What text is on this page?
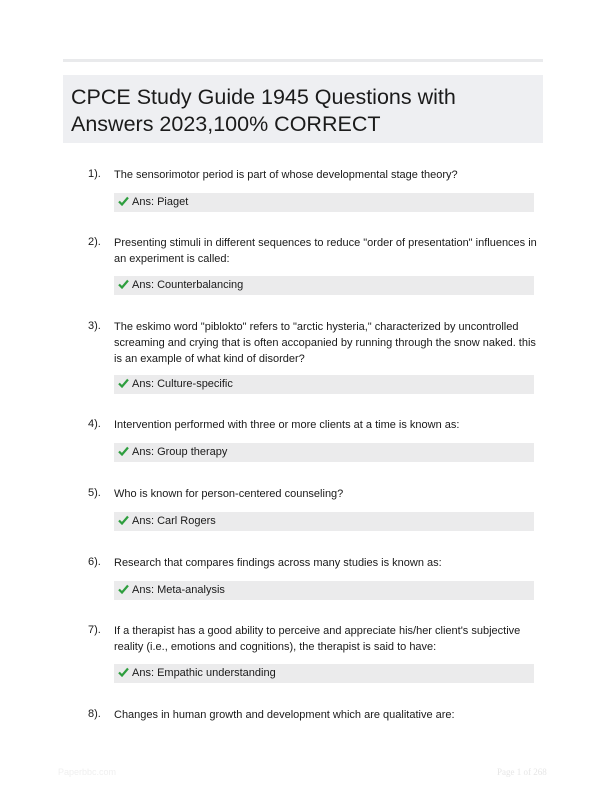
CPCE Study Guide 1945 Questions with Answers 2023,100% CORRECT
1). The sensorimotor period is part of whose developmental stage theory?
Ans: Piaget
2). Presenting stimuli in different sequences to reduce "order of presentation" influences in an experiment is called:
Ans: Counterbalancing
3). The eskimo word "piblokto" refers to "arctic hysteria," characterized by uncontrolled screaming and crying that is often accopanied by running through the snow naked. this is an example of what kind of disorder?
Ans: Culture-specific
4). Intervention performed with three or more clients at a time is known as:
Ans: Group therapy
5). Who is known for person-centered counseling?
Ans: Carl Rogers
6). Research that compares findings across many studies is known as:
Ans: Meta-analysis
7). If a therapist has a good ability to perceive and appreciate his/her client's subjective reality (i.e., emotions and cognitions), the therapist is said to have:
Ans: Empathic understanding
8). Changes in human growth and development which are qualitative are:
Paperbbc.com	Page 1 of 268
